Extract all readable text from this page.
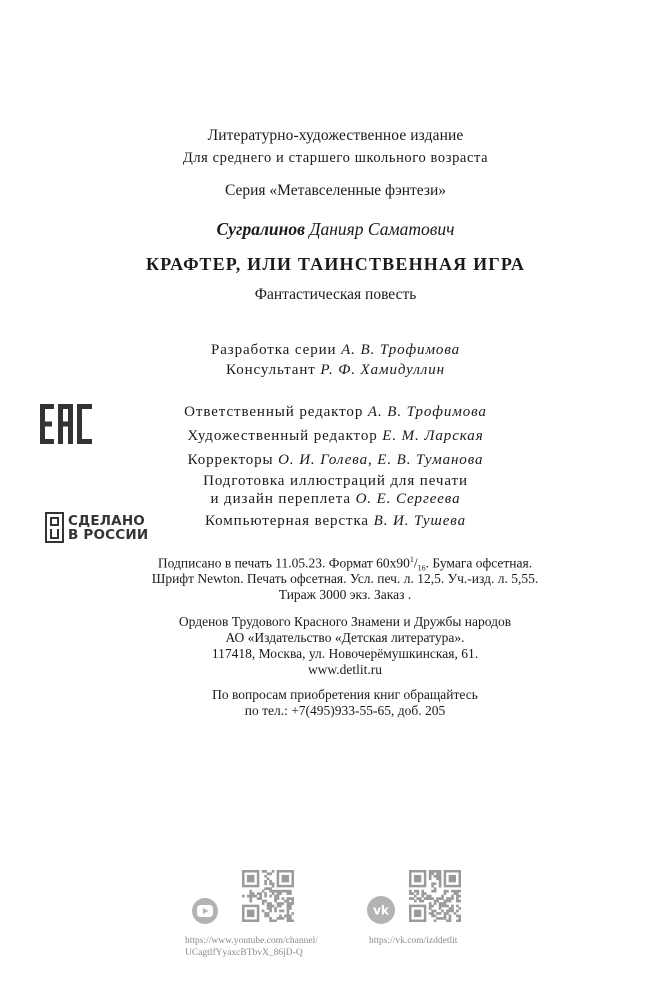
Литературно-художественное издание
Для среднего и старшего школьного возраста
Серия «Метавселенные фэнтези»
Сугралинов Данияр Саматович
КРАФТЕР, ИЛИ ТАИНСТВЕННАЯ ИГРА
Фантастическая повесть
Разработка серии А. В. Трофимова
Консультант Р. Ф. Хамидуллин
Ответственный редактор А. В. Трофимова
Художественный редактор Е. М. Ларская
Корректоры О. И. Голева, Е. В. Туманова
Подготовка иллюстраций для печати
и дизайн переплета О. Е. Сергеева
Компьютерная верстка В. И. Тушева
СДЕЛАНО
В РОССИИ
Подписано в печать 11.05.23. Формат $60х90^1/_{16}$. Бумага офсетная.
Шрифт Newton. Печать офсетная. Усл. печ. л. 12,5. Уч.-изд. л. 5,55.
Тираж 3000 экз. Заказ .
Орденов Трудового Красного Знамени и Дружбы народов
АО «Издательство «Детская литература».
117418, Москва, ул. Новочерёмушкинская, 61.
www.detlit.ru
По вопросам приобретения книг обращайтесь
по тел.: +7(495)933-55-65, доб. 205
https://www.youtube.com/channel/
UCagtlfYyaxcBTbvX_86jD-Q
vk
https://vk.com/izddetlit
